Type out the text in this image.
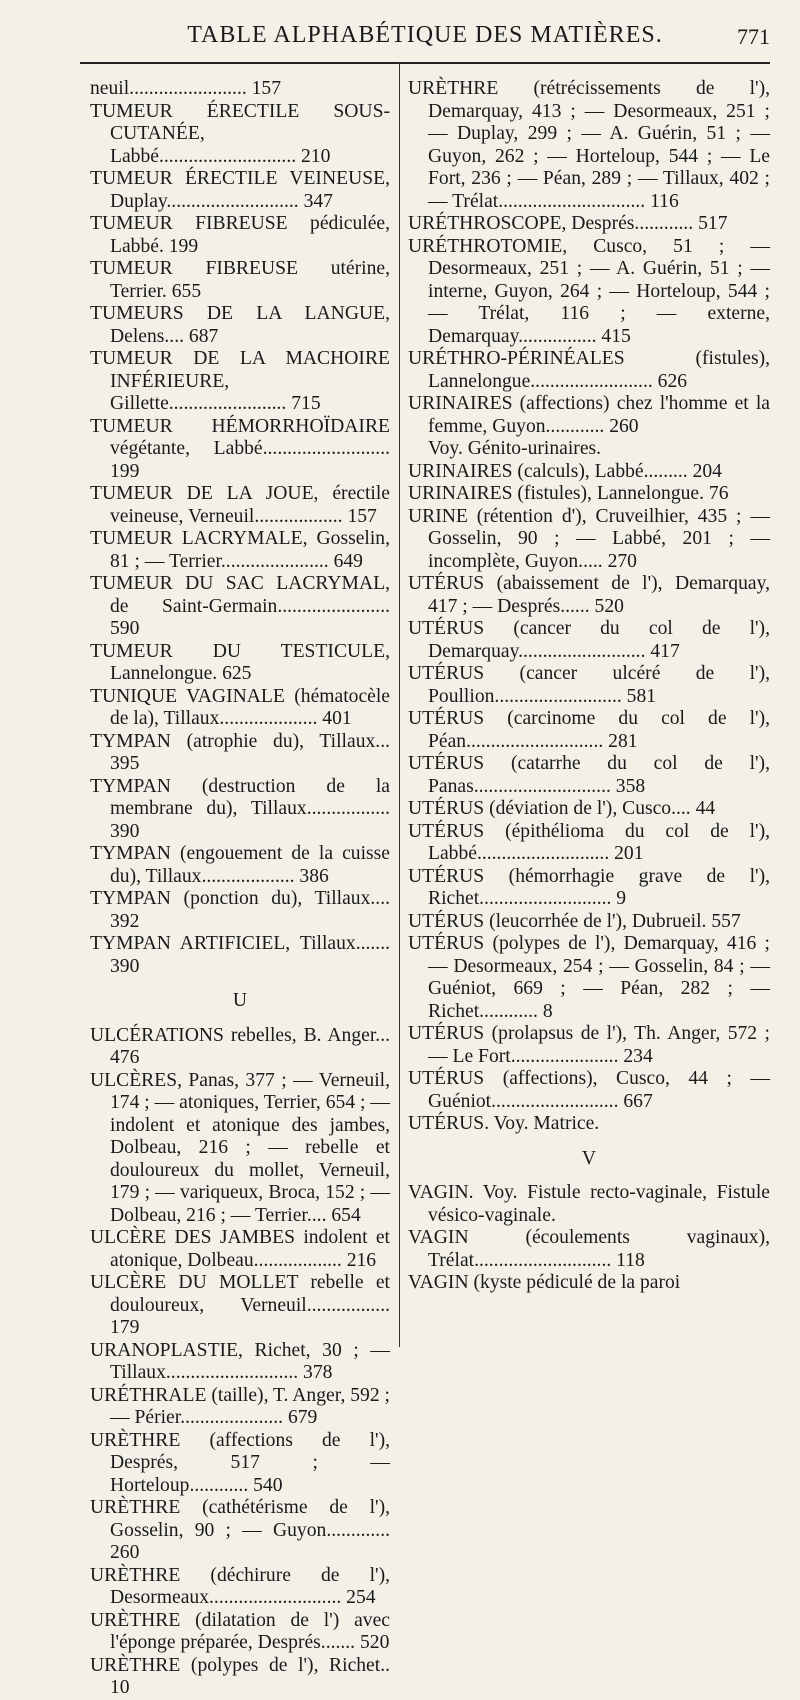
TABLE ALPHABÉTIQUE DES MATIÈRES.	771

neuil........................ 157

TUMEUR ÉRECTILE SOUS-CUTANÉE, Labbé............................ 210

TUMEUR ÉRECTILE VEINEUSE, Duplay........................... 347

TUMEUR FIBREUSE pédiculée, Labbé. 199

TUMEUR FIBREUSE utérine, Terrier. 655

TUMEURS DE LA LANGUE, Delens.... 687

TUMEUR DE LA MACHOIRE INFÉRIEURE, Gillette........................ 715

TUMEUR HÉMORRHOÏDAIRE végétante, Labbé.......................... 199

TUMEUR DE LA JOUE, érectile veineuse, Verneuil.................. 157

TUMEUR LACRYMALE, Gosselin, 81 ; — Terrier...................... 649

TUMEUR DU SAC LACRYMAL, de Saint-Germain....................... 590

TUMEUR DU TESTICULE, Lannelongue. 625

TUNIQUE VAGINALE (hématocèle de la), Tillaux.................... 401

TYMPAN (atrophie du), Tillaux... 395

TYMPAN (destruction de la membrane du), Tillaux................. 390

TYMPAN (engouement de la cuisse du), Tillaux................... 386

TYMPAN (ponction du), Tillaux.... 392

TYMPAN ARTIFICIEL, Tillaux....... 390

U

ULCÉRATIONS rebelles, B. Anger... 476

ULCÈRES, Panas, 377 ; — Verneuil, 174 ; — atoniques, Terrier, 654 ; — indolent et atonique des jambes, Dolbeau, 216 ; — rebelle et douloureux du mollet, Verneuil, 179 ; — variqueux, Broca, 152 ; — Dolbeau, 216 ; — Terrier.... 654

ULCÈRE DES JAMBES indolent et atonique, Dolbeau.................. 216

ULCÈRE DU MOLLET rebelle et douloureux, Verneuil................. 179

URANOPLASTIE, Richet, 30 ; — Tillaux........................... 378

URÉTHRALE (taille), T. Anger, 592 ; — Périer..................... 679

URÈTHRE (affections de l'), Després, 517 ; — Horteloup............ 540

URÈTHRE (cathétérisme de l'), Gosselin, 90 ; — Guyon............. 260

URÈTHRE (déchirure de l'), Desormeaux........................... 254

URÈTHRE (dilatation de l') avec l'éponge préparée, Després....... 520

URÈTHRE (polypes de l'), Richet.. 10

URÈTHRE (rétrécissements de l'), Demarquay, 413 ; — Desormeaux, 251 ; — Duplay, 299 ; — A. Guérin, 51 ; — Guyon, 262 ; — Horteloup, 544 ; — Le Fort, 236 ; — Péan, 289 ; — Tillaux, 402 ; — Trélat.............................. 116

URÉTHROSCOPE, Després............ 517

URÉTHROTOMIE, Cusco, 51 ; — Desormeaux, 251 ; — A. Guérin, 51 ; — interne, Guyon, 264 ; — Horteloup, 544 ; — Trélat, 116 ; — externe, Demarquay................ 415

URÉTHRO-PÉRINÉALES (fistules), Lannelongue......................... 626

URINAIRES (affections) chez l'homme et la femme, Guyon............ 260

Voy. Génito-urinaires.

URINAIRES (calculs), Labbé......... 204

URINAIRES (fistules), Lannelongue. 76

URINE (rétention d'), Cruveilhier, 435 ; — Gosselin, 90 ; — Labbé, 201 ; — incomplète, Guyon..... 270

UTÉRUS (abaissement de l'), Demarquay, 417 ; — Després...... 520

UTÉRUS (cancer du col de l'), Demarquay.......................... 417

UTÉRUS (cancer ulcéré de l'), Poullion.......................... 581

UTÉRUS (carcinome du col de l'), Péan............................ 281

UTÉRUS (catarrhe du col de l'), Panas............................ 358

UTÉRUS (déviation de l'), Cusco.... 44

UTÉRUS (épithélioma du col de l'), Labbé........................... 201

UTÉRUS (hémorrhagie grave de l'), Richet........................... 9

UTÉRUS (leucorrhée de l'), Dubrueil. 557

UTÉRUS (polypes de l'), Demarquay, 416 ; — Desormeaux, 254 ; — Gosselin, 84 ; — Guéniot, 669 ; — Péan, 282 ; — Richet............ 8

UTÉRUS (prolapsus de l'), Th. Anger, 572 ; — Le Fort...................... 234

UTÉRUS (affections), Cusco, 44 ; — Guéniot.......................... 667

UTÉRUS. Voy. Matrice.

V

VAGIN. Voy. Fistule recto-vaginale, Fistule vésico-vaginale.

VAGIN (écoulements vaginaux), Trélat............................ 118

VAGIN (kyste pédiculé de la paroi
